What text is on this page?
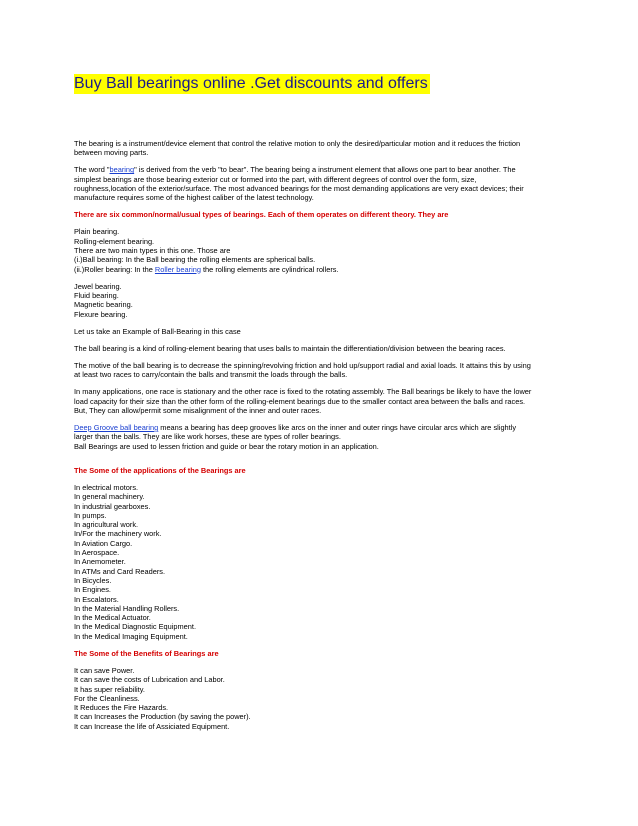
Buy Ball bearings online .Get discounts and offers

The bearing is a instrument/device element that control the relative motion to only the desired/particular motion and it reduces the friction
between moving parts.

The word "bearing" is derived from the verb "to bear". The bearing being a instrument element that allows one part to bear another. The
simplest bearings are those bearing exterior cut or formed into the part, with different degrees of control over the form, size,
roughness,location of the exterior/surface. The most advanced bearings for the most demanding applications are very exact devices; their
manufacture requires some of the highest caliber of the latest technology.

There are six common/normal/usual types of bearings. Each of them operates on different theory. They are

Plain bearing.
Rolling-element bearing.
There are two main types in this one. Those are
(i.)Ball bearing: In the Ball bearing the rolling elements are spherical balls.
(ii.)Roller bearing: In the Roller bearing the rolling elements are cylindrical rollers.

Jewel bearing.
Fluid bearing.
Magnetic bearing.
Flexure bearing.

Let us take an Example of Ball-Bearing in this case

The ball bearing is a kind of rolling-element bearing that uses balls to maintain the differentiation/division between the bearing races.

The motive of the ball bearing is to decrease the spinning/revolving friction and hold up/support radial and axial loads. It attains this by using
at least two races to carry/contain the balls and transmit the loads through the balls.

In many applications, one race is stationary and the other race is fixed to the rotating assembly. The Ball bearings be likely to have the lower
load capacity for their size than the other form of the rolling-element bearings due to the smaller contact area between the balls and races.
But, They can allow/permit some misalignment of the inner and outer races.

Deep Groove ball bearing means a bearing has deep grooves like arcs on the inner and outer rings have circular arcs which are slightly
larger than the balls. They are like work horses, these are types of roller bearings.
Ball Bearings are used to lessen friction and guide or bear the rotary motion in an application.

The Some of the applications of the Bearings are

In electrical motors.
In general machinery.
In industrial gearboxes.
In pumps.
In agricultural work.
In/For the machinery work.
In Aviation Cargo.
In Aerospace.
In Anemometer.
In ATMs and Card Readers.
In Bicycles.
In Engines.
In Escalators.
In the Material Handling Rollers.
In the Medical Actuator.
In the Medical Diagnostic Equipment.
In the Medical Imaging Equipment.

The Some of the Benefits of Bearings are

It can save Power.
It can save the costs of Lubrication and Labor.
It has super reliability.
For the Cleanliness.
It Reduces the Fire Hazards.
It can Increases the Production (by saving the power).
It can Increase the life of Assiciated Equipment.
